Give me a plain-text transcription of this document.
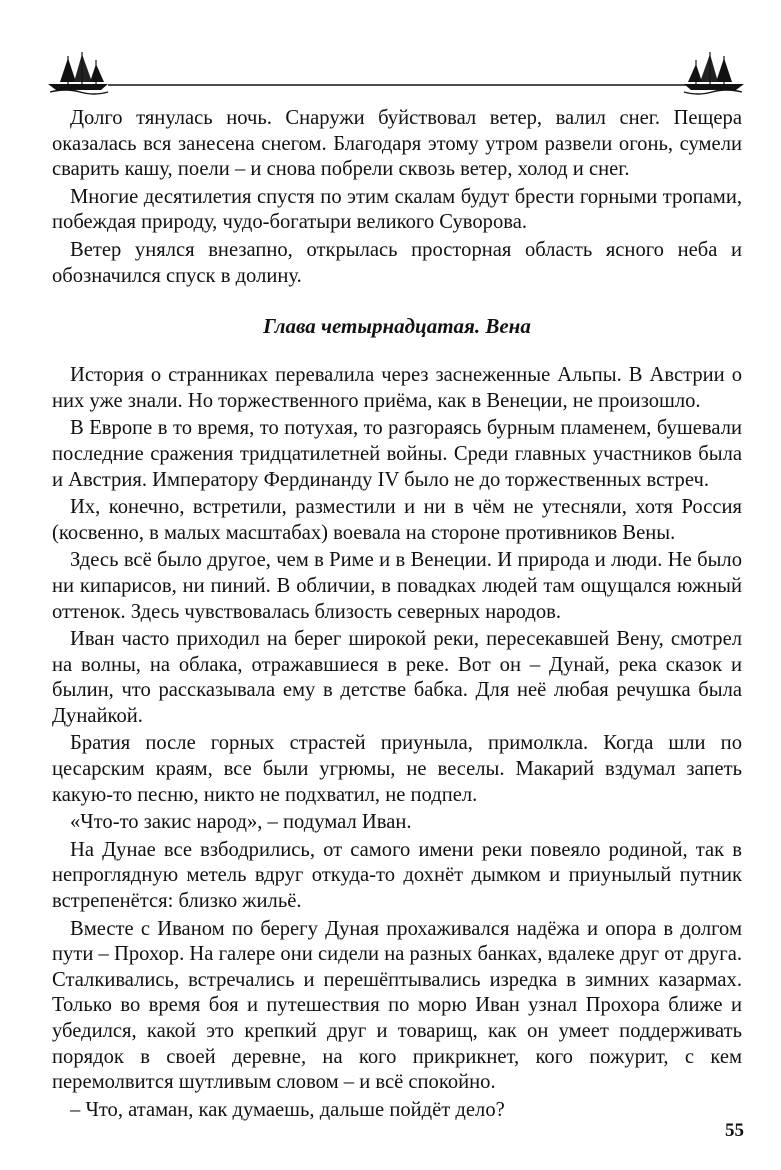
Долго тянулась ночь. Снаружи буйствовал ветер, валил снег. Пещера оказалась вся занесена снегом. Благодаря этому утром развели огонь, сумели сварить кашу, поели – и снова побрели сквозь ветер, холод и снег.

Многие десятилетия спустя по этим скалам будут брести горными тропами, побеждая природу, чудо-богатыри великого Суворова.

Ветер унялся внезапно, открылась просторная область ясного неба и обозначился спуск в долину.

Глава четырнадцатая. Вена

История о странниках перевалила через заснеженные Альпы. В Австрии о них уже знали. Но торжественного приёма, как в Венеции, не произошло.

В Европе в то время, то потухая, то разгораясь бурным пламенем, бушевали последние сражения тридцатилетней войны. Среди главных участников была и Австрия. Императору Фердинанду IV было не до торжественных встреч.

Их, конечно, встретили, разместили и ни в чём не утесняли, хотя Россия (косвенно, в малых масштабах) воевала на стороне противников Вены.

Здесь всё было другое, чем в Риме и в Венеции. И природа и люди. Не было ни кипарисов, ни пиний. В обличии, в повадках людей там ощущался южный оттенок. Здесь чувствовалась близость северных народов.

Иван часто приходил на берег широкой реки, пересекавшей Вену, смотрел на волны, на облака, отражавшиеся в реке. Вот он – Дунай, река сказок и былин, что рассказывала ему в детстве бабка. Для неё любая речушка была Дунайкой.

Братия после горных страстей приуныла, примолкла. Когда шли по цесарским краям, все были угрюмы, не веселы. Макарий вздумал запеть какую-то песню, никто не подхватил, не подпел.

«Что-то закис народ», – подумал Иван.

На Дунае все взбодрились, от самого имени реки повеяло родиной, так в непроглядную метель вдруг откуда-то дохнёт дымком и приунылый путник встрепенётся: близко жильё.

Вместе с Иваном по берегу Дуная прохаживался надёжа и опора в долгом пути – Прохор. На галере они сидели на разных банках, вдалеке друг от друга. Сталкивались, встречались и перешёптывались изредка в зимних казармах. Только во время боя и путешествия по морю Иван узнал Прохора ближе и убедился, какой это крепкий друг и товарищ, как он умеет поддерживать порядок в своей деревне, на кого прикрикнет, кого пожурит, с кем перемолвится шутливым словом – и всё спокойно.

– Что, атаман, как думаешь, дальше пойдёт дело?

55
